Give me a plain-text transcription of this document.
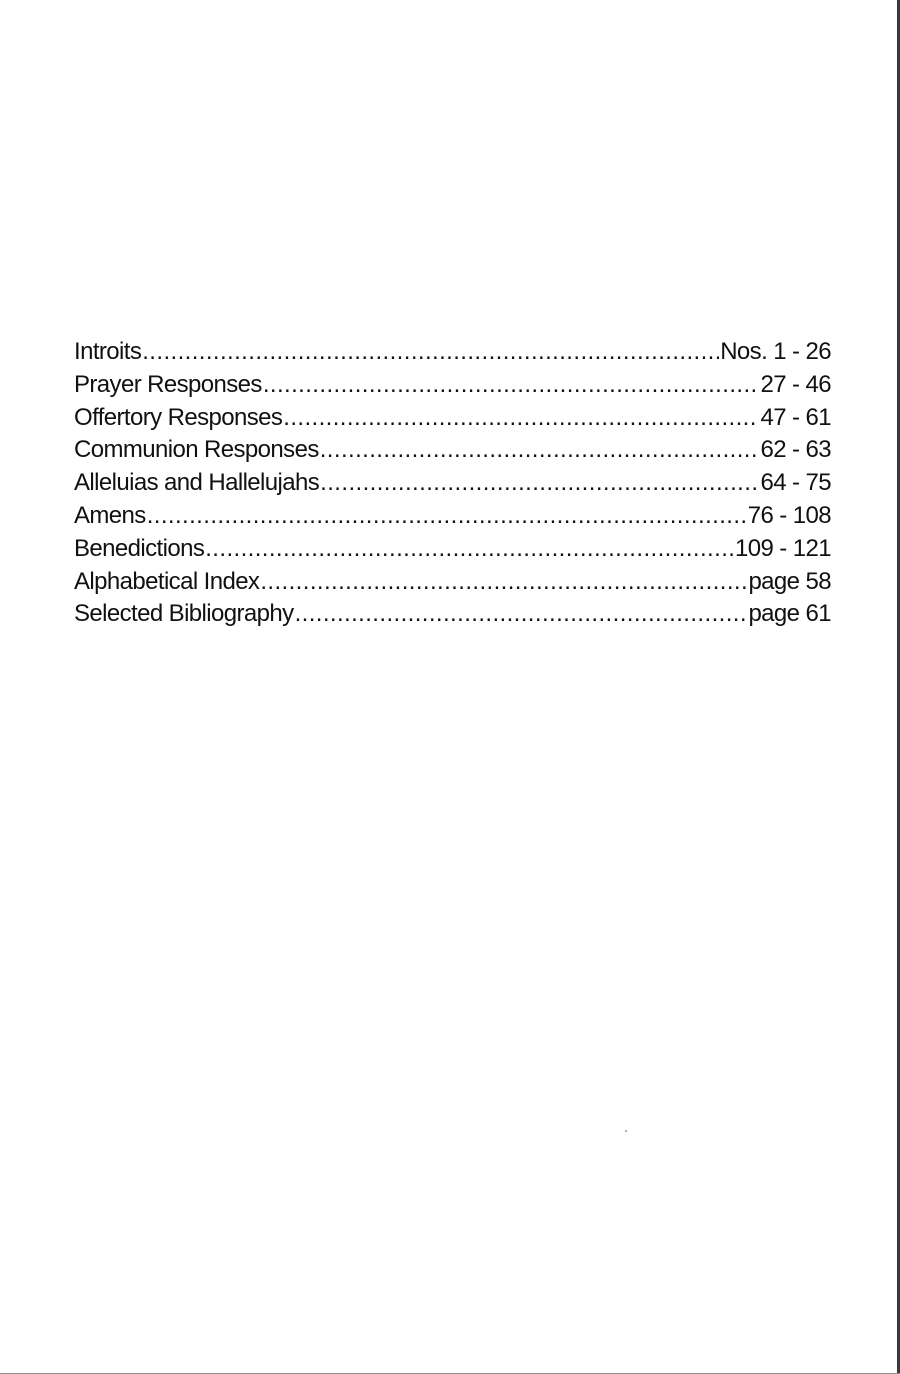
Introits .....	Nos. 1 - 26
Prayer Responses .....	27 - 46
Offertory Responses .....	47 - 61
Communion Responses .....	62 - 63
Alleluias and Hallelujahs .....	64 - 75
Amens .....	76 - 108
Benedictions .....	109 - 121
Alphabetical Index .....	page 58
Selected Bibliography .....	page 61
